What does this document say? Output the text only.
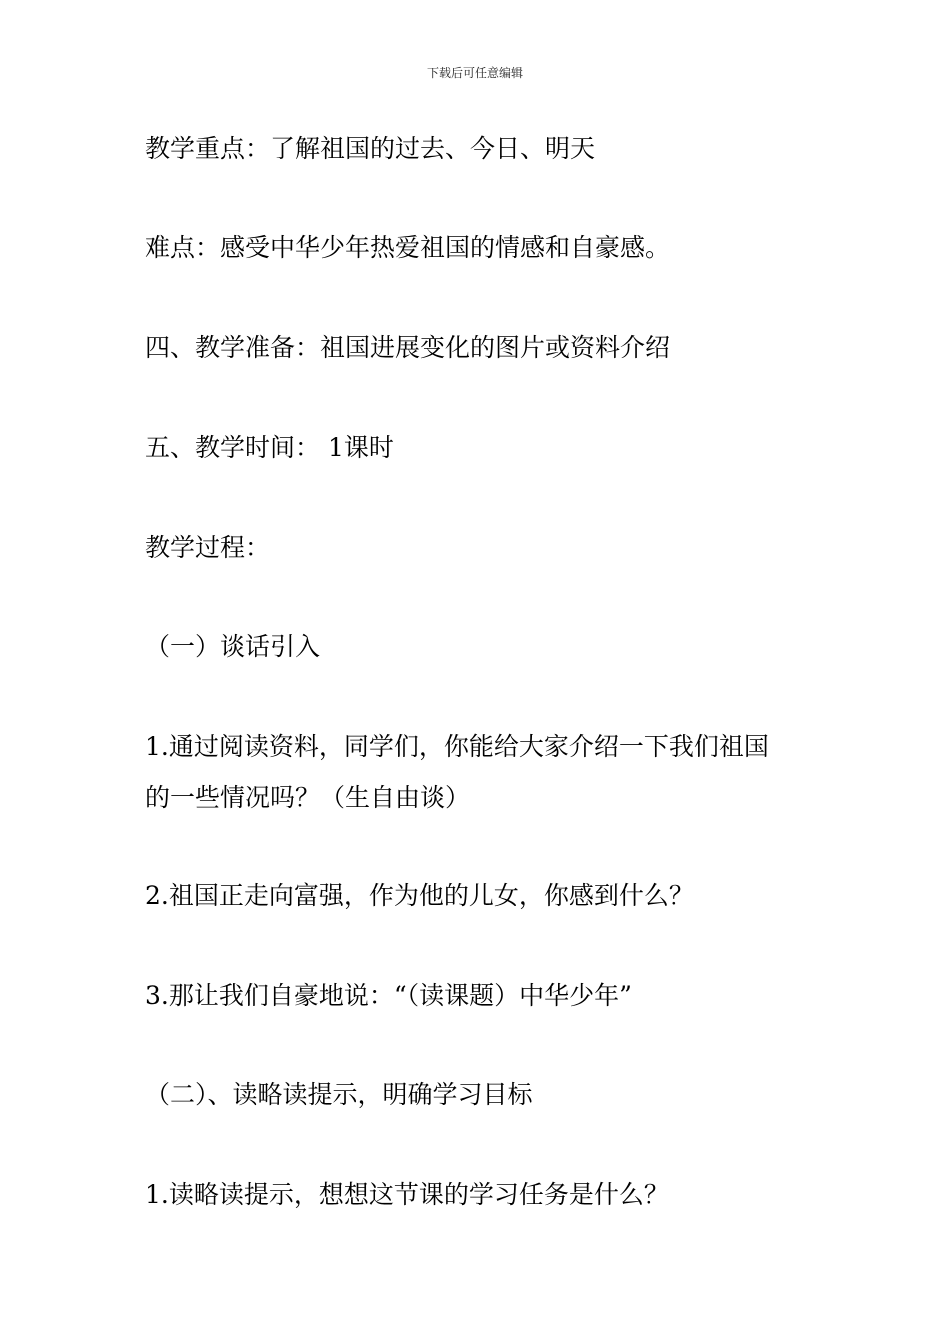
下载后可任意编辑
教学重点：了解祖国的过去、今日、明天
难点：感受中华少年热爱祖国的情感和自豪感。
四、教学准备：祖国进展变化的图片或资料介绍
五、教学时间： 1课时
教学过程：
（一）谈话引入
1.通过阅读资料，同学们，你能给大家介绍一下我们祖国
的一些情况吗？（生自由谈）
2.祖国正走向富强，作为他的儿女，你感到什么？
3.那让我们自豪地说：“（读课题）中华少年”
（二）、读略读提示，明确学习目标
1.读略读提示，想想这节课的学习任务是什么？
